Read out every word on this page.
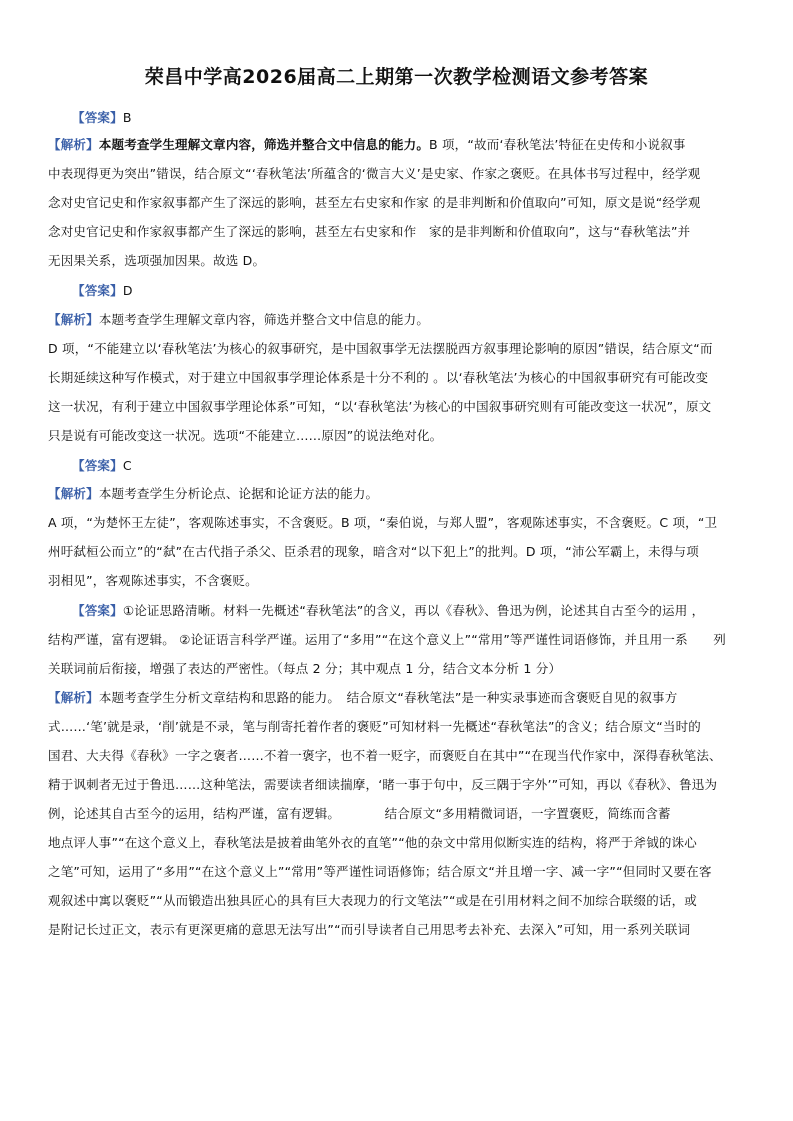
荣昌中学高2026届高二上期第一次教学检测语文参考答案
【答案】B
【解析】本题考查学生理解文章内容，筛选并整合文中信息的能力。B 项，“故而‘春秋笔法’特征在史传和小说叙事
中表现得更为突出”错误，结合原文“‘春秋笔法’所蕴含的‘微言大义’是史家、作家之褒贬。在具体书写过程中，经学观
念对史官记史和作家叙事都产生了深远的影响，甚至左右史家和作家 的是非判断和价值取向”可知，原文是说“经学观
念对史官记史和作家叙事都产生了深远的影响，甚至左右史家和作　家的是非判断和价值取向”，这与“春秋笔法”并
无因果关系，选项强加因果。故选 D。
【答案】D
【解析】本题考查学生理解文章内容，筛选并整合文中信息的能力。
D 项，“不能建立以‘春秋笔法’为核心的叙事研究，是中国叙事学无法摆脱西方叙事理论影响的原因”错误，结合原文“而
长期延续这种写作模式，对于建立中国叙事学理论体系是十分不利的 。以‘春秋笔法’为核心的中国叙事研究有可能改变
这一状况，有利于建立中国叙事学理论体系”可知，“以‘春秋笔法’为核心的中国叙事研究则有可能改变这一状况”，原文
只是说有可能改变这一状况。选项“不能建立……原因”的说法绝对化。
【答案】C
【解析】本题考查学生分析论点、论据和论证方法的能力。
A 项，“为楚怀王左徒”，客观陈述事实，不含褒贬。B 项，“秦伯说，与郑人盟”，客观陈述事实，不含褒贬。C 项，“卫
州吁弑桓公而立”的“弑”在古代指子杀父、臣杀君的现象，暗含对“以下犯上”的批判。D 项，“沛公军霸上，未得与项
羽相见”，客观陈述事实，不含褒贬。
【答案】①论证思路清晰。材料一先概述“春秋笔法”的含义，再以《春秋》、鲁迅为例，论述其自古至今的运用 ，
结构严谨，富有逻辑。 ②论证语言科学严谨。运用了“多用”“在这个意义上”“常用”等严谨性词语修饰，并且用一系　　列
关联词前后衔接，增强了表达的严密性。（每点 2 分；其中观点 1 分，结合文本分析 1 分）
【解析】本题考查学生分析文章结构和思路的能力。　结合原文“春秋笔法”是一种实录事迹而含褒贬自见的叙事方
式……‘笔’就是录，‘削’就是不录，笔与削寄托着作者的褒贬”可知材料一先概述“春秋笔法”的含义；结合原文“当时的
国君、大夫得《春秋》一字之褒者……不着一褒字，也不着一贬字，而褒贬自在其中”“在现当代作家中，深得春秋笔法、
精于讽刺者无过于鲁迅……这种笔法，需要读者细读揣摩，‘睹一事于句中，反三隅于字外’”可知，再以《春秋》、鲁迅为
例，论述其自古至今的运用，结构严谨，富有逻辑。　　　　结合原文“多用精微词语，一字置褒贬，简练而含蓄
地点评人事”“在这个意义上，春秋笔法是披着曲笔外衣的直笔”“他的杂文中常用似断实连的结构，将严于斧钺的诛心
之笔”可知，运用了“多用”“在这个意义上”“常用”等严谨性词语修饰；结合原文“并且增一字、减一字”“但同时又要在客
观叙述中寓以褒贬”“从而锻造出独具匠心的具有巨大表现力的行文笔法”“或是在引用材料之间不加综合联缀的话，或
是附记长过正文，表示有更深更痛的意思无法写出”“而引导读者自己用思考去补充、去深入”可知，用一系列关联词
